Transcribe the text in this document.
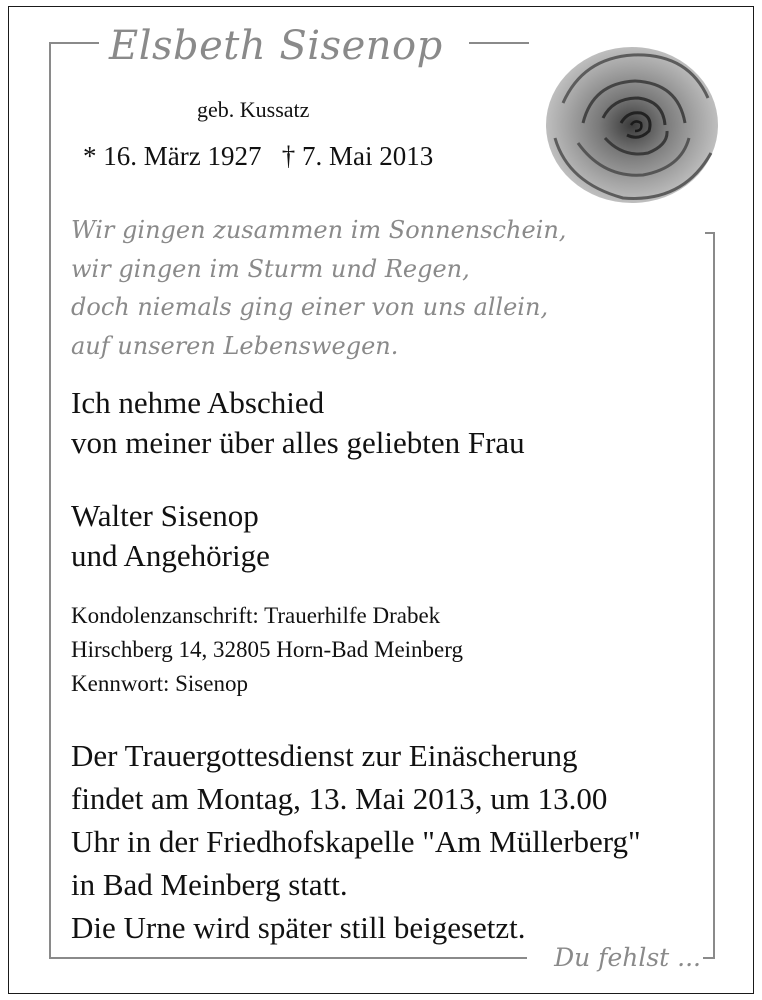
Elsbeth Sisenop
geb. Kussatz
* 16. März 1927   † 7. Mai 2013
Wir gingen zusammen im Sonnenschein,
wir gingen im Sturm und Regen,
doch niemals ging einer von uns allein,
auf unseren Lebenswegen.
Ich nehme Abschied
von meiner über alles geliebten Frau
Walter Sisenop
und Angehörige
Kondolenzanschrift: Trauerhilfe Drabek
Hirschberg 14, 32805 Horn-Bad Meinberg
Kennwort: Sisenop
Der Trauergottesdienst zur Einäscherung
findet am Montag, 13. Mai 2013, um 13.00
Uhr in der Friedhofskapelle "Am Müllerberg"
in Bad Meinberg statt.
Die Urne wird später still beigesetzt.
Du fehlst ...
